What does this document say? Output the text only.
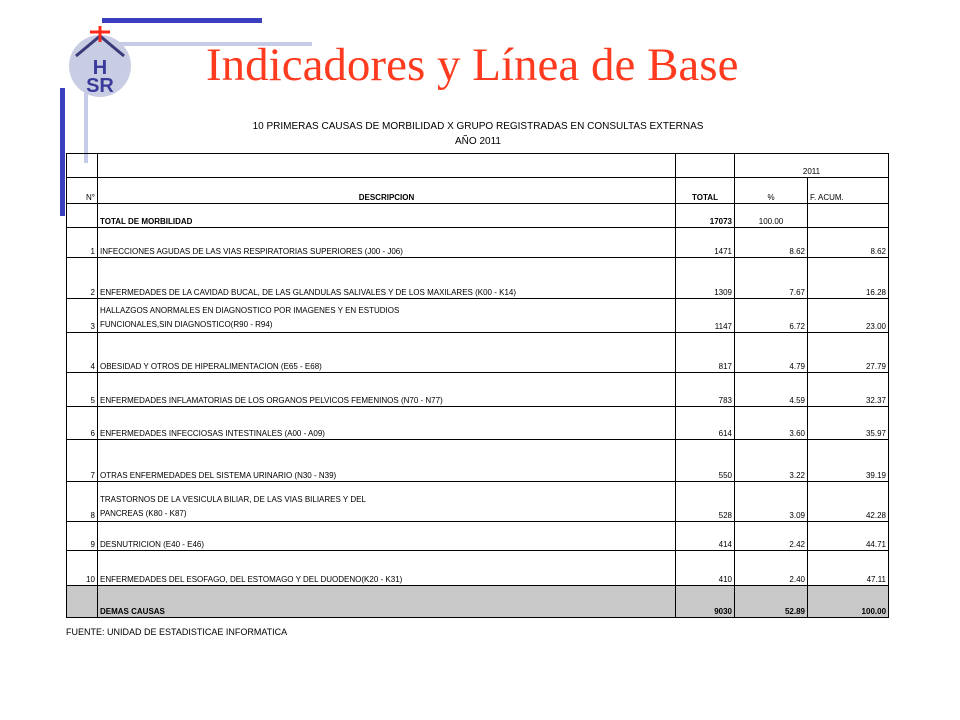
H
SR Indicadores y Línea de Base
10 PRIMERAS CAUSAS DE MORBILIDAD X GRUPO REGISTRADAS EN CONSULTAS EXTERNAS
AÑO 2011
			2011	
N°	DESCRIPCION	TOTAL	%	F. ACUM.
	TOTAL DE MORBILIDAD	17073	100.00	
1	INFECCIONES AGUDAS DE LAS VIAS RESPIRATORIAS SUPERIORES (J00 - J06)	1471	8.62	8.62
2	ENFERMEDADES DE LA CAVIDAD BUCAL, DE LAS GLANDULAS SALIVALES Y DE LOS MAXILARES (K00 - K14)	1309	7.67	16.28
3	HALLAZGOS ANORMALES EN DIAGNOSTICO POR IMAGENES Y EN ESTUDIOS
FUNCIONALES,SIN DIAGNOSTICO(R90 - R94)	1147	6.72	23.00
4	OBESIDAD Y OTROS DE HIPERALIMENTACION (E65 - E68)	817	4.79	27.79
5	ENFERMEDADES INFLAMATORIAS DE LOS ORGANOS PELVICOS FEMENINOS (N70 - N77)	783	4.59	32.37
6	ENFERMEDADES INFECCIOSAS INTESTINALES (A00 - A09)	614	3.60	35.97
7	OTRAS ENFERMEDADES DEL SISTEMA URINARIO (N30 - N39)	550	3.22	39.19
8	TRASTORNOS DE LA VESICULA BILIAR, DE LAS VIAS BILIARES Y DEL
PANCREAS (K80 - K87)	528	3.09	42.28
9	DESNUTRICION (E40 - E46)	414	2.42	44.71
10	ENFERMEDADES DEL ESOFAGO, DEL ESTOMAGO Y DEL DUODENO(K20 - K31)	410	2.40	47.11
	DEMAS CAUSAS	9030	52.89	100.00
FUENTE: UNIDAD DE ESTADISTICAE INFORMATICA
